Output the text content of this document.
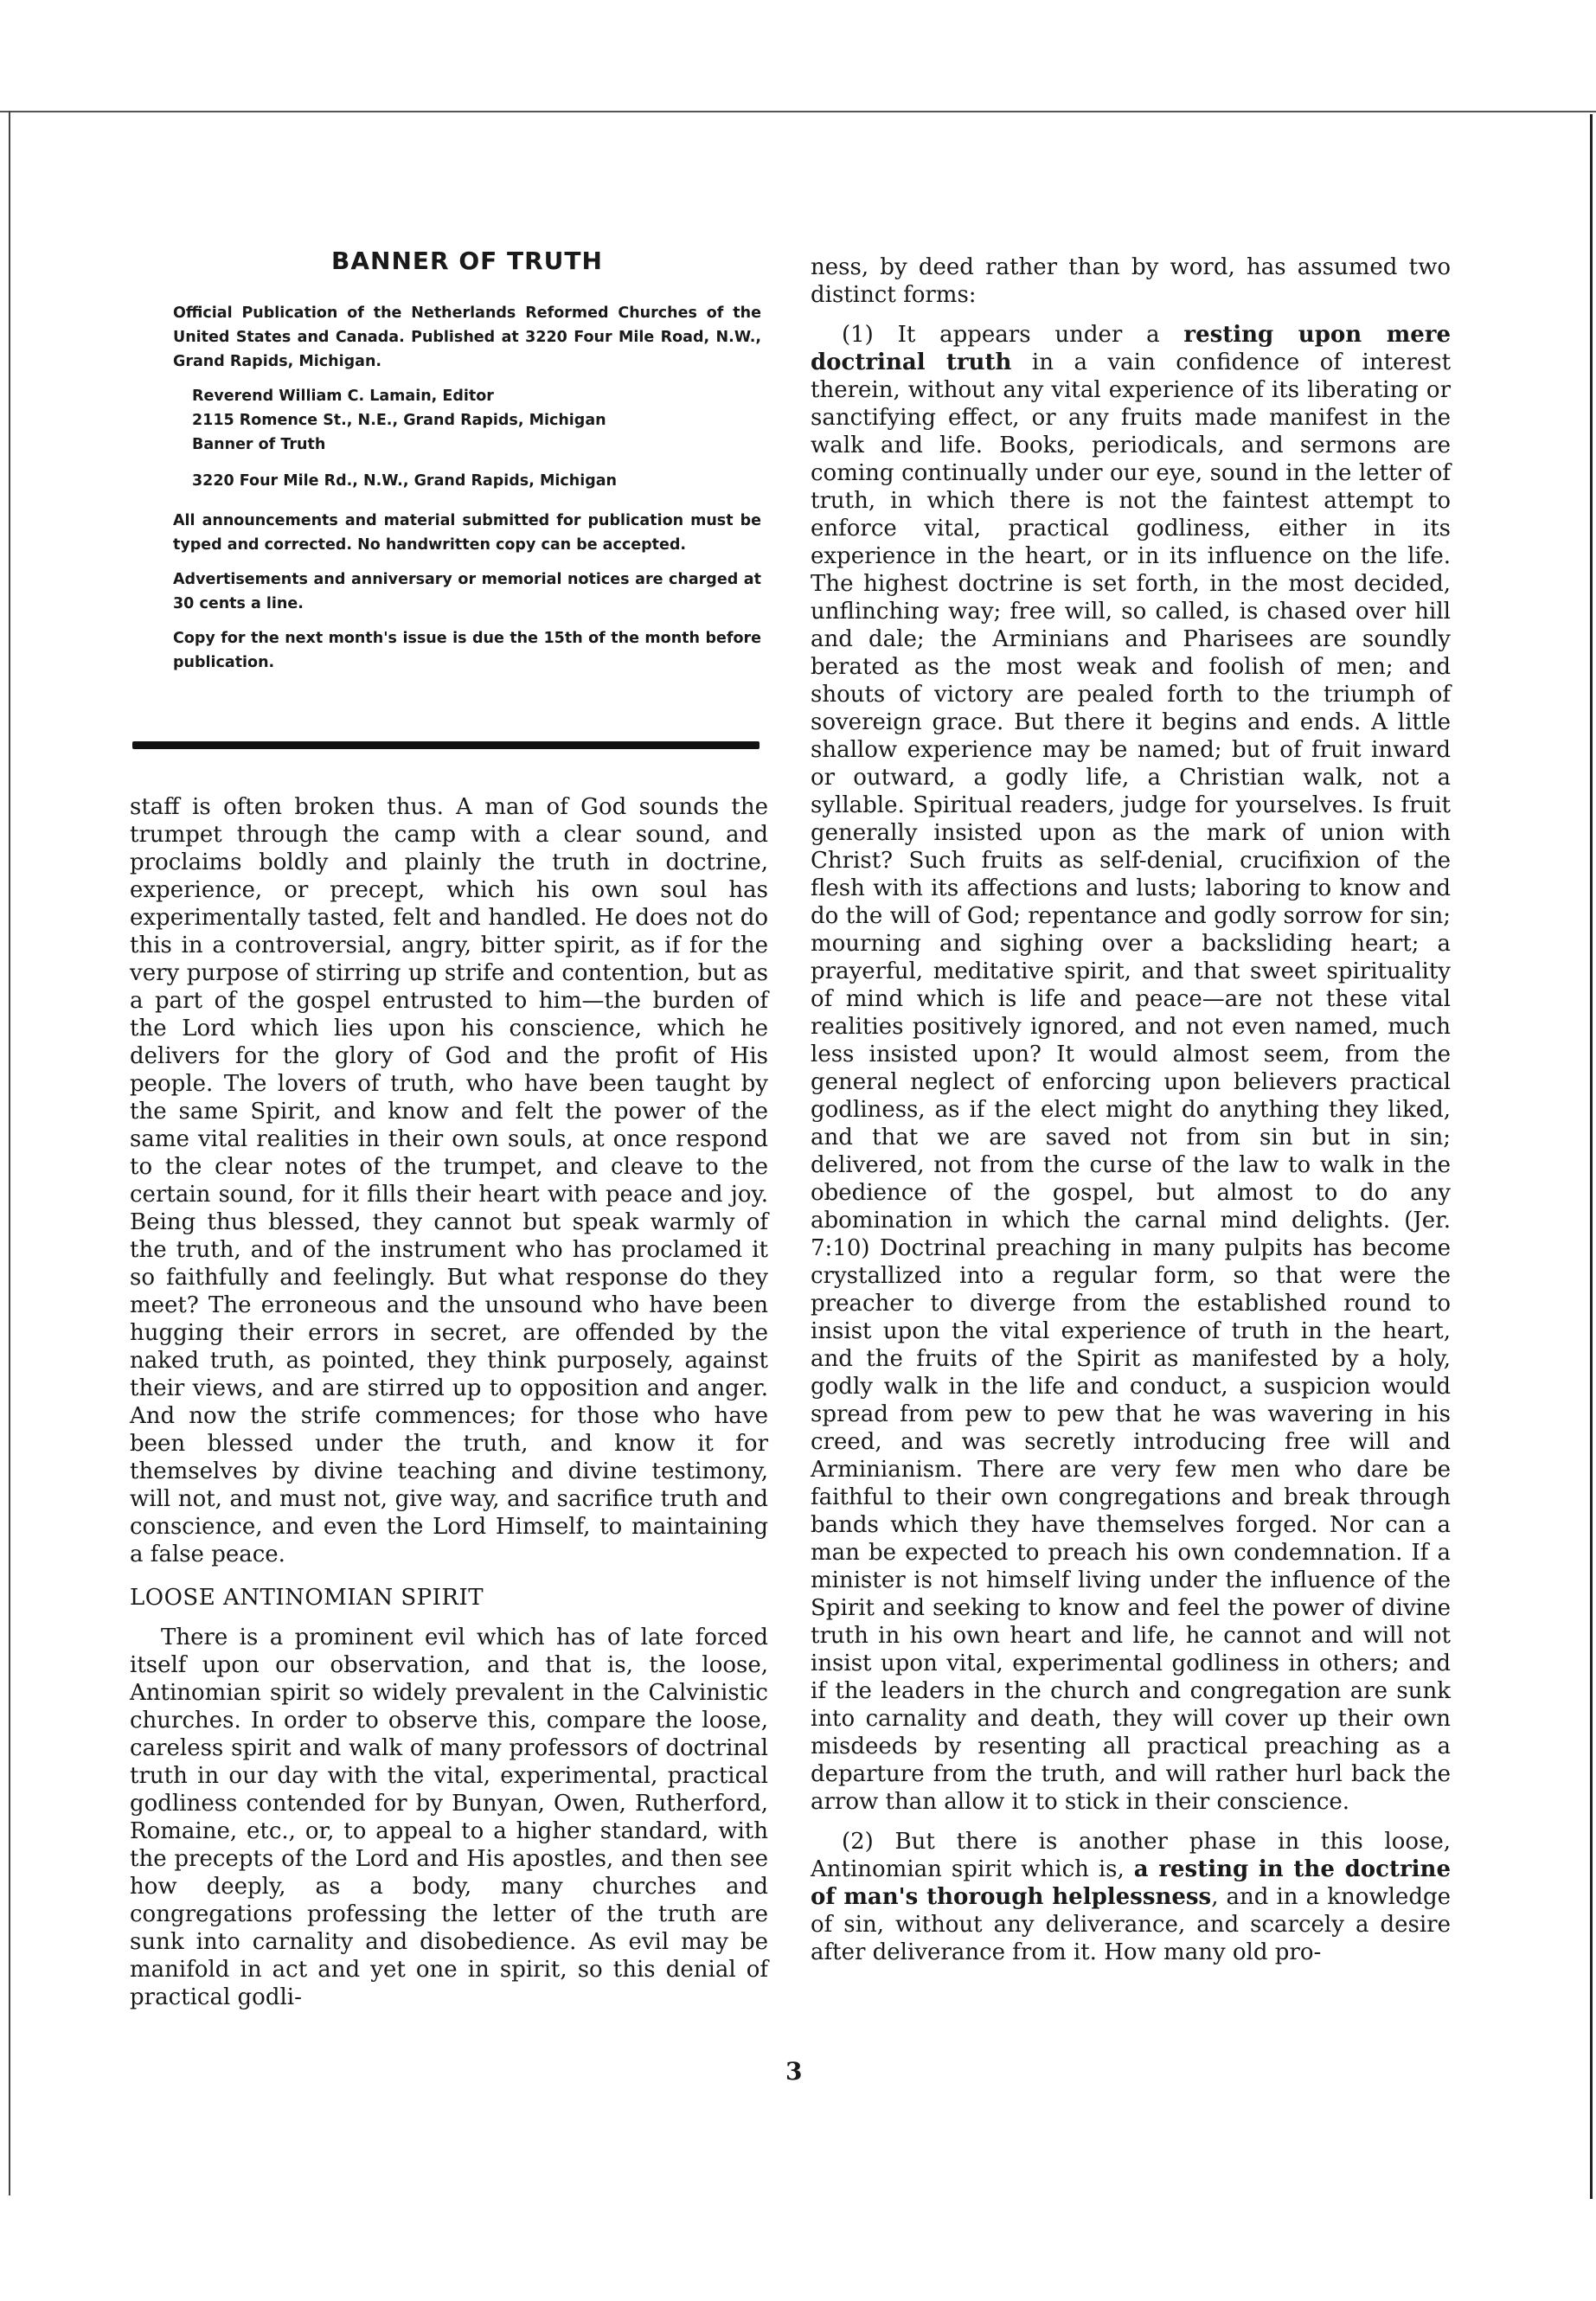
BANNER OF TRUTH

Official Publication of the Netherlands Reformed Churches of the United States and Canada. Published at 3220 Four Mile Road, N.W., Grand Rapids, Michigan.

Reverend William C. Lamain, Editor
2115 Romence St., N.E., Grand Rapids, Michigan
Banner of Truth
3220 Four Mile Rd., N.W., Grand Rapids, Michigan

All announcements and material submitted for publication must be typed and corrected. No handwritten copy can be accepted.

Advertisements and anniversary or memorial notices are charged at 30 cents a line.

Copy for the next month's issue is due the 15th of the month before publication.

staff is often broken thus. A man of God sounds the trumpet through the camp with a clear sound, and proclaims boldly and plainly the truth in doctrine, experience, or precept, which his own soul has experimentally tasted, felt and handled. He does not do this in a controversial, angry, bitter spirit, as if for the very purpose of stirring up strife and contention, but as a part of the gospel entrusted to him—the burden of the Lord which lies upon his conscience, which he delivers for the glory of God and the profit of His people. The lovers of truth, who have been taught by the same Spirit, and know and felt the power of the same vital realities in their own souls, at once respond to the clear notes of the trumpet, and cleave to the certain sound, for it fills their heart with peace and joy. Being thus blessed, they cannot but speak warmly of the truth, and of the instrument who has proclamed it so faithfully and feelingly. But what response do they meet? The erroneous and the unsound who have been hugging their errors in secret, are offended by the naked truth, as pointed, they think purposely, against their views, and are stirred up to opposition and anger. And now the strife commences; for those who have been blessed under the truth, and know it for themselves by divine teaching and divine testimony, will not, and must not, give way, and sacrifice truth and conscience, and even the Lord Himself, to maintaining a false peace.

LOOSE ANTINOMIAN SPIRIT

There is a prominent evil which has of late forced itself upon our observation, and that is, the loose, Antinomian spirit so widely prevalent in the Calvinistic churches. In order to observe this, compare the loose, careless spirit and walk of many professors of doctrinal truth in our day with the vital, experimental, practical godliness contended for by Bunyan, Owen, Rutherford, Romaine, etc., or, to appeal to a higher standard, with the precepts of the Lord and His apostles, and then see how deeply, as a body, many churches and congregations professing the letter of the truth are sunk into carnality and disobedience. As evil may be manifold in act and yet one in spirit, so this denial of practical godli-

ness, by deed rather than by word, has assumed two distinct forms:

(1) It appears under a resting upon mere doctrinal truth in a vain confidence of interest therein, without any vital experience of its liberating or sanctifying effect, or any fruits made manifest in the walk and life. Books, periodicals, and sermons are coming continually under our eye, sound in the letter of truth, in which there is not the faintest attempt to enforce vital, practical godliness, either in its experience in the heart, or in its influence on the life. The highest doctrine is set forth, in the most decided, unflinching way; free will, so called, is chased over hill and dale; the Arminians and Pharisees are soundly berated as the most weak and foolish of men; and shouts of victory are pealed forth to the triumph of sovereign grace. But there it begins and ends. A little shallow experience may be named; but of fruit inward or outward, a godly life, a Christian walk, not a syllable. Spiritual readers, judge for yourselves. Is fruit generally insisted upon as the mark of union with Christ? Such fruits as self-denial, crucifixion of the flesh with its affections and lusts; laboring to know and do the will of God; repentance and godly sorrow for sin; mourning and sighing over a backsliding heart; a prayerful, meditative spirit, and that sweet spirituality of mind which is life and peace—are not these vital realities positively ignored, and not even named, much less insisted upon? It would almost seem, from the general neglect of enforcing upon believers practical godliness, as if the elect might do anything they liked, and that we are saved not from sin but in sin; delivered, not from the curse of the law to walk in the obedience of the gospel, but almost to do any abomination in which the carnal mind delights. (Jer. 7:10) Doctrinal preaching in many pulpits has become crystallized into a regular form, so that were the preacher to diverge from the established round to insist upon the vital experience of truth in the heart, and the fruits of the Spirit as manifested by a holy, godly walk in the life and conduct, a suspicion would spread from pew to pew that he was wavering in his creed, and was secretly introducing free will and Arminianism. There are very few men who dare be faithful to their own congregations and break through bands which they have themselves forged. Nor can a man be expected to preach his own condemnation. If a minister is not himself living under the influence of the Spirit and seeking to know and feel the power of divine truth in his own heart and life, he cannot and will not insist upon vital, experimental godliness in others; and if the leaders in the church and congregation are sunk into carnality and death, they will cover up their own misdeeds by resenting all practical preaching as a departure from the truth, and will rather hurl back the arrow than allow it to stick in their conscience.

(2) But there is another phase in this loose, Antinomian spirit which is, a resting in the doctrine of man's thorough helplessness, and in a knowledge of sin, without any deliverance, and scarcely a desire after deliverance from it. How many old pro-

3
